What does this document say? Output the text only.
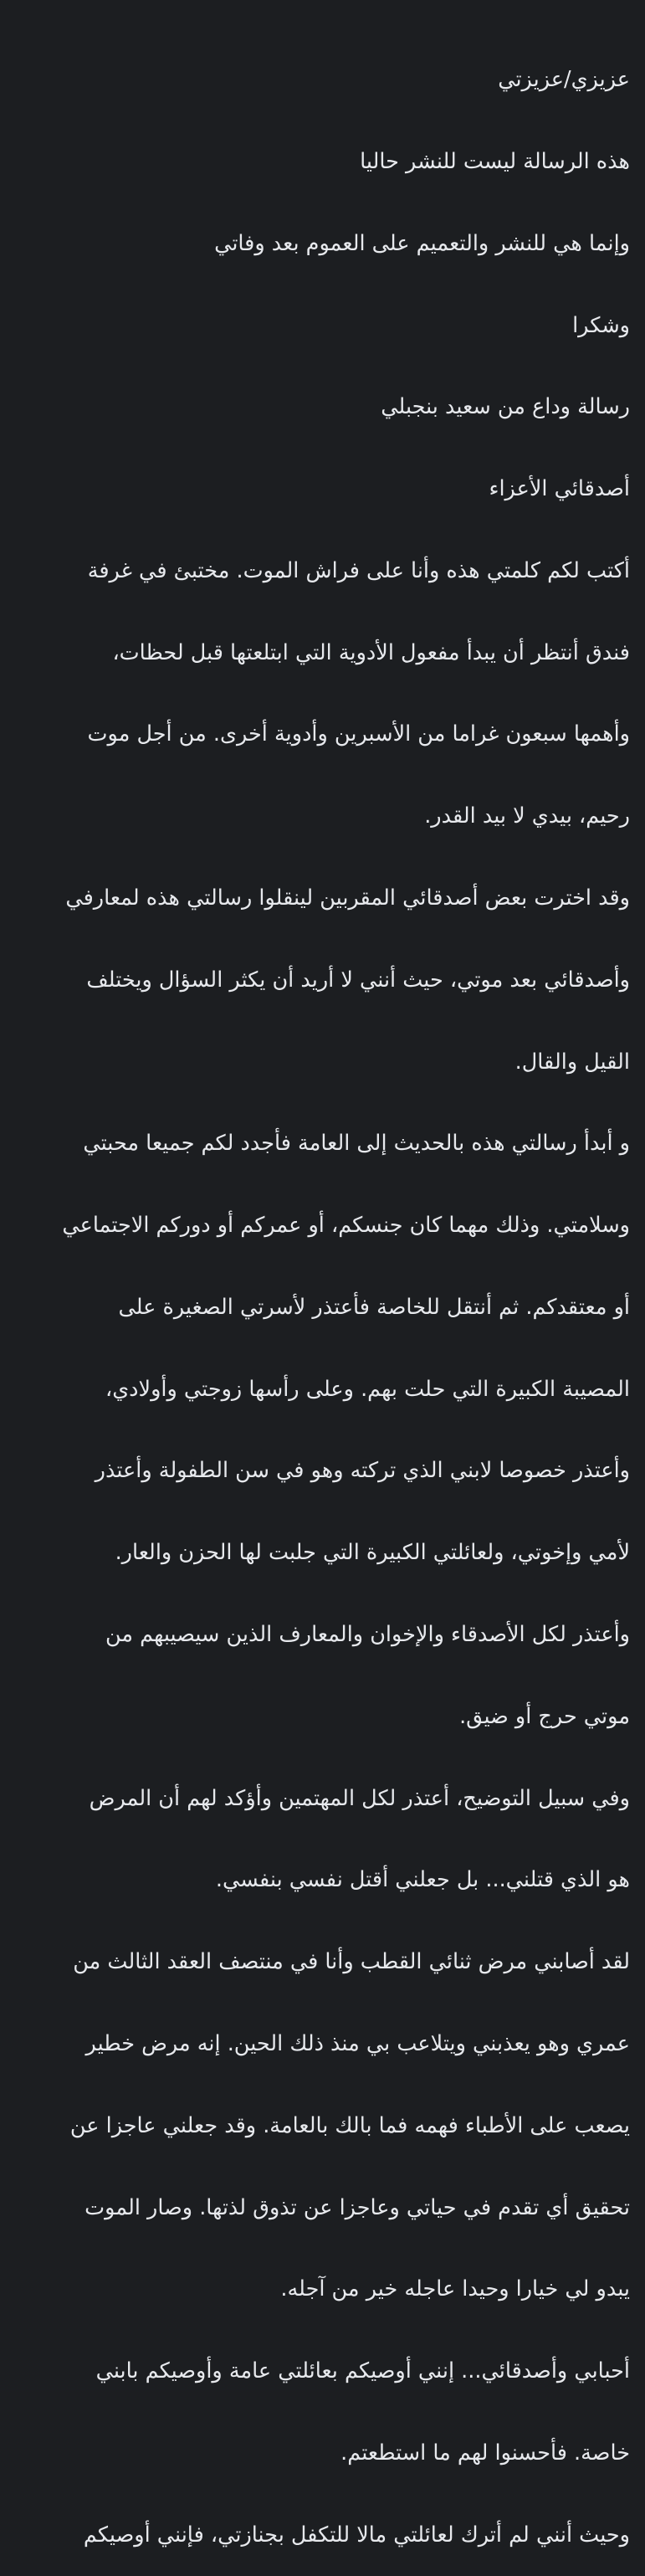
عزيزي/عزيزتي

هذه الرسالة ليست للنشر حاليا

وإنما هي للنشر والتعميم على العموم بعد وفاتي

وشكرا

رسالة وداع من سعيد بنجبلي

أصدقائي الأعزاء

أكتب لكم كلمتي هذه وأنا على فراش الموت. مختبئ في غرفة

فندق أنتظر أن يبدأ مفعول الأدوية التي ابتلعتها قبل لحظات،

وأهمها سبعون غراما من الأسبرين وأدوية أخرى. من أجل موت

رحيم، بيدي لا بيد القدر.

وقد اخترت بعض أصدقائي المقربين لينقلوا رسالتي هذه لمعارفي

وأصدقائي بعد موتي، حيث أنني لا أريد أن يكثر السؤال ويختلف

القيل والقال.

و أبدأ رسالتي هذه بالحديث إلى العامة فأجدد لكم جميعا محبتي

وسلامتي. وذلك مهما كان جنسكم، أو عمركم أو دوركم الاجتماعي

أو معتقدكم. ثم أنتقل للخاصة فأعتذر لأسرتي الصغيرة على

المصيبة الكبيرة التي حلت بهم. وعلى رأسها زوجتي وأولادي،

وأعتذر خصوصا لابني الذي تركته وهو في سن الطفولة وأعتذر

لأمي وإخوتي، ولعائلتي الكبيرة التي جلبت لها الحزن والعار.

وأعتذر لكل الأصدقاء والإخوان والمعارف الذين سيصيبهم من

موتي حرج أو ضيق.

وفي سبيل التوضيح، أعتذر لكل المهتمين وأؤكد لهم أن المرض

هو الذي قتلني... بل جعلني أقتل نفسي بنفسي.

لقد أصابني مرض ثنائي القطب وأنا في منتصف العقد الثالث من

عمري وهو يعذبني ويتلاعب بي منذ ذلك الحين. إنه مرض خطير

يصعب على الأطباء فهمه فما بالك بالعامة. وقد جعلني عاجزا عن

تحقيق أي تقدم في حياتي وعاجزا عن تذوق لذتها. وصار الموت

يبدو لي خيارا وحيدا عاجله خير من آجله.

أحبابي وأصدقائي... إنني أوصيكم بعائلتي عامة وأوصيكم بابني

خاصة. فأحسنوا لهم ما استطعتم.

وحيث أنني لم أترك لعائلتي مالا للتكفل بجنازتي، فإنني أوصيكم
